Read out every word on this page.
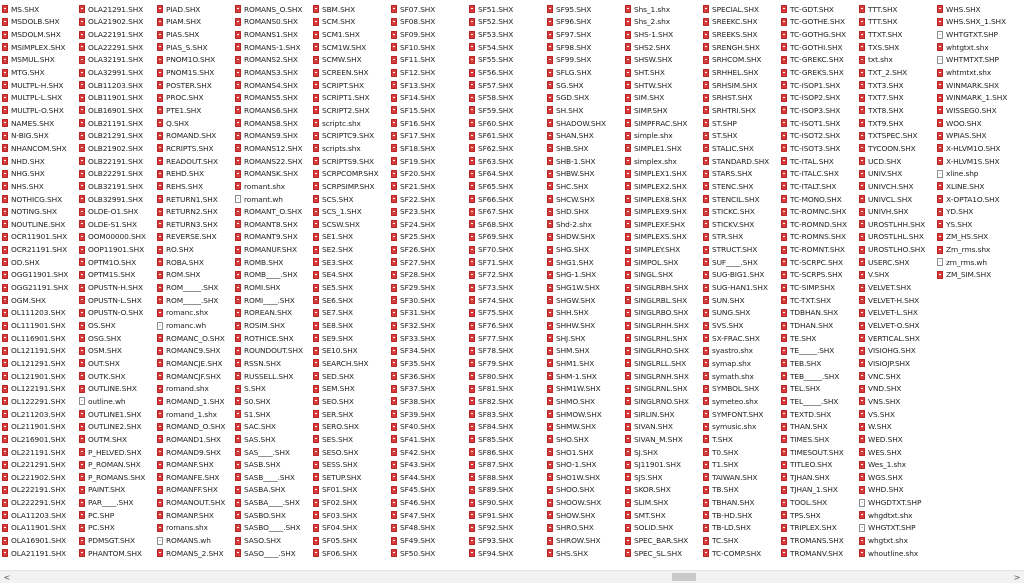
MS.SHX
MSDOLB.SHX
MSDOLM.SHX
MSIMPLEX.SHX
MSMUL.SHX
MTG.SHX
MULTPL-H.SHX
MULTPL-L.SHX
MULTPL-O.SHX
NAMES.SHX
N-BIG.SHX
NHANCOM.SHX
NHD.SHX
NHG.SHX
NHS.SHX
NOTHICG.SHX
NOTING.SHX
NOUTLINE.SHX
OCR11901.SHX
OCR21191.SHX
OD.SHX
OGG11901.SHX
OGG21191.SHX
OGM.SHX
OL111203.SHX
OL111901.SHX
OL116901.SHX
OL121191.SHX
OL121291.SHX
OL121901.SHX
OL122191.SHX
OL122291.SHX
OL211203.SHX
OL211901.SHX
OL216901.SHX
OL221191.SHX
OL221291.SHX
OL221902.SHX
OL222191.SHX
OL222291.SHX
OLA11203.SHX
OLA11901.SHX
OLA16901.SHX
OLA21191.SHX
OLA21291.SHX
OLA21902.SHX
OLA22191.SHX
OLA22291.SHX
OLA32191.SHX
OLA32991.SHX
OLB11203.SHX
OLB11901.SHX
OLB16901.SHX
OLB21191.SHX
OLB21291.SHX
OLB21902.SHX
OLB22191.SHX
OLB22291.SHX
OLB32191.SHX
OLB32991.SHX
OLDE-O1.SHX
OLDE-S1.SHX
OOM00000.SHX
OOP11901.SHX
OPTM1O.SHX
OPTM1S.SHX
OPUSTN-H.SHX
OPUSTN-L.SHX
OPUSTN-O.SHX
OS.SHX
OSG.SHX
OSM.SHX
OUT.SHX
OUTK.SHX
OUTLINE.SHX
outline.wh
OUTLINE1.SHX
OUTLINE2.SHX
OUTM.SHX
P_HELVED.SHX
P_ROMAN.SHX
P_ROMANS.SHX
PAINT.SHX
PAR____.SHX
PC.SHP
PC.SHX
PDMSGT.SHX
PHANTOM.SHX
PIAD.SHX
PIAM.SHX
PIAS.SHX
PIAS_S.SHX
PNOM1O.SHX
PNOM1S.SHX
POSTER.SHX
PROC.SHX
PTE1.SHX
Q.SHX
ROMAND.SHX
RCRIPTS.SHX
READOUT.SHX
REHD.SHX
REHS.SHX
RETURN1.SHX
RETURN2.SHX
RETURN3.SHX
REVERSE.SHX
RO.SHX
ROBA.SHX
ROM.SHX
ROM_____.SHX
ROM_____.SHX
romanc.shx
romanc.wh
ROMANC_O.SHX
ROMANC9.SHX
ROMANCJE.SHX
ROMANCJF.SHX
romand.shx
ROMAND_1.SHX
romand_1.shx
ROMAND_O.SHX
ROMAND1.SHX
ROMAND9.SHX
ROMANF.SHX
ROMANFE.SHX
ROMANFF.SHX
ROMANOUT.SHX
ROMANP.SHX
romans.shx
ROMANS.wh
ROMANS_2.SHX
ROMANS_O.SHX
ROMANS0.SHX
ROMANS1.SHX
ROMANS-1.SHX
ROMANS2.SHX
ROMANS3.SHX
ROMANS4.SHX
ROMANS5.SHX
ROMANS6.SHX
ROMANS8.SHX
ROMANS9.SHX
ROMANS12.SHX
ROMANS22.SHX
ROMANSK.SHX
romant.shx
romant.wh
ROMANT_O.SHX
ROMANT8.SHX
ROMANT9.SHX
ROMANUF.SHX
ROMB.SHX
ROMB____.SHX
ROMI.SHX
ROMI____.SHX
ROREAN.SHX
ROSIM.SHX
ROTHICE.SHX
ROUNDOUT.SHX
RSSN.SHX
RUSSELL.SHX
S.SHX
S0.SHX
S1.SHX
SAC.SHX
SAS.SHX
SAS____.SHX
SASB.SHX
SASB____.SHX
SASBA.SHX
SASBA____.SHX
SASBO.SHX
SASBO____.SHX
SASO.SHX
SASO____.SHX
SBM.SHX
SCM.SHX
SCM1.SHX
SCM1W.SHX
SCMW.SHX
SCREEN.SHX
SCRIPT.SHX
SCRIPT1.SHX
SCRIPT2.SHX
scriptc.shx
SCRIPTC9.SHX
scripts.shx
SCRIPTS9.SHX
SCRPCOMP.SHX
SCRPSIMP.SHX
SCS.SHX
SCS_1.SHX
SCSW.SHX
SE1.SHX
SE2.SHX
SE3.SHX
SE4.SHX
SE5.SHX
SE6.SHX
SE7.SHX
SE8.SHX
SE9.SHX
SE10.SHX
SEARCH.SHX
SED.SHX
SEM.SHX
SEO.SHX
SER.SHX
SERO.SHX
SES.SHX
SESO.SHX
SESS.SHX
SETUP.SHX
SF01.SHX
SF02.SHX
SF03.SHX
SF04.SHX
SF05.SHX
SF06.SHX
SF07.SHX
SF08.SHX
SF09.SHX
SF10.SHX
SF11.SHX
SF12.SHX
SF13.SHX
SF14.SHX
SF15.SHX
SF16.SHX
SF17.SHX
SF18.SHX
SF19.SHX
SF20.SHX
SF21.SHX
SF22.SHX
SF23.SHX
SF24.SHX
SF25.SHX
SF26.SHX
SF27.SHX
SF28.SHX
SF29.SHX
SF30.SHX
SF31.SHX
SF32.SHX
SF33.SHX
SF34.SHX
SF35.SHX
SF36.SHX
SF37.SHX
SF38.SHX
SF39.SHX
SF40.SHX
SF41.SHX
SF42.SHX
SF43.SHX
SF44.SHX
SF45.SHX
SF46.SHX
SF47.SHX
SF48.SHX
SF49.SHX
SF50.SHX
SF51.SHX
SF52.SHX
SF53.SHX
SF54.SHX
SF55.SHX
SF56.SHX
SF57.SHX
SF58.SHX
SF59.SHX
SF60.SHX
SF61.SHX
SF62.SHX
SF63.SHX
SF64.SHX
SF65.SHX
SF66.SHX
SF67.SHX
SF68.SHX
SF69.SHX
SF70.SHX
SF71.SHX
SF72.SHX
SF73.SHX
SF74.SHX
SF75.SHX
SF76.SHX
SF77.SHX
SF78.SHX
SF79.SHX
SF80.SHX
SF81.SHX
SF82.SHX
SF83.SHX
SF84.SHX
SF85.SHX
SF86.SHX
SF87.SHX
SF88.SHX
SF89.SHX
SF90.SHX
SF91.SHX
SF92.SHX
SF93.SHX
SF94.SHX
SF95.SHX
SF96.SHX
SF97.SHX
SF98.SHX
SF99.SHX
SFLG.SHX
SG.SHX
SGD.SHX
SH.SHX
SHADOW.SHX
SHAN.SHX
SHB.SHX
SHB-1.SHX
SHBW.SHX
SHC.SHX
SHCW.SHX
SHD.SHX
Shd-2.shx
SHDW.SHX
SHG.SHX
SHG1.SHX
SHG-1.SHX
SHG1W.SHX
SHGW.SHX
SHH.SHX
SHHW.SHX
SHJ.SHX
SHM.SHX
SHM1.SHX
SHM-1.SHX
SHM1W.SHX
SHMO.SHX
SHMOW.SHX
SHMW.SHX
SHO.SHX
SHO1.SHX
SHO-1.SHX
SHO1W.SHX
SHOO.SHX
SHOOW.SHX
SHOW.SHX
SHRO.SHX
SHROW.SHX
SHS.SHX
Shs_1.shx
Shs_2.shx
SHS-1.SHX
SHS2.SHX
SHSW.SHX
SHT.SHX
SHTW.SHX
SIM.SHX
SIMP.SHX
SIMPFRAC.SHX
simple.shx
SIMPLE1.SHX
simplex.shx
SIMPLEX1.SHX
SIMPLEX2.SHX
SIMPLEX8.SHX
SIMPLEX9.SHX
SIMPLEXF.SHX
SIMPLEXS.SHX
SIMPLEY.SHX
SIMPOL.SHX
SINGL.SHX
SINGLRBH.SHX
SINGLRBL.SHX
SINGLRBO.SHX
SINGLRHH.SHX
SINGLRHL.SHX
SINGLRHO.SHX
SINGLRLL.SHX
SINGLRNH.SHX
SINGLRNL.SHX
SINGLRNO.SHX
SIRLIN.SHX
SIVAN.SHX
SIVAN_M.SHX
SJ.SHX
SJ11901.SHX
SJS.SHX
SKOR.SHX
SLIM.SHX
SMT.SHX
SOLID.SHX
SPEC_BAR.SHX
SPEC_SL.SHX
SPECIAL.SHX
SREEKC.SHX
SREEKS.SHX
SRENGH.SHX
SRHCOM.SHX
SRHHEL.SHX
SRHSIM.SHX
SRHST.SHX
SRHTRI.SHX
ST.SHP
ST.SHX
STALIC.SHX
STANDARD.SHX
STARS.SHX
STENC.SHX
STENCIL.SHX
STICKC.SHX
STICKV.SHX
STR.SHX
STRUCT.SHX
SUF____.SHX
SUG-BIG1.SHX
SUG-HAN1.SHX
SUN.SHX
SUNG.SHX
SVS.SHX
SX-FRAC.SHX
syastro.shx
symap.shx
symath.shx
SYMBOL.SHX
symeteo.shx
SYMFONT.SHX
symusic.shx
T.SHX
T0.SHX
T1.SHX
TAIWAN.SHX
TB.SHX
TBHAN.SHX
TB-HD.SHX
TB-LD.SHX
TC.SHX
TC-COMP.SHX
TC-GDT.SHX
TC-GOTHE.SHX
TC-GOTHG.SHX
TC-GOTHI.SHX
TC-GREKC.SHX
TC-GREKS.SHX
TC-ISOP1.SHX
TC-ISOP2.SHX
TC-ISOP3.SHX
TC-ISOT1.SHX
TC-ISOT2.SHX
TC-ISOT3.SHX
TC-ITAL.SHX
TC-ITALC.SHX
TC-ITALT.SHX
TC-MONO.SHX
TC-ROMNC.SHX
TC-ROMND.SHX
TC-ROMNS.SHX
TC-ROMNT.SHX
TC-SCRPC.SHX
TC-SCRPS.SHX
TC-SIMP.SHX
TC-TXT.SHX
TDBHAN.SHX
TDHAN.SHX
TE.SHX
TE_____.SHX
TEB.SHX
TEB_____.SHX
TEL.SHX
TEL_____.SHX
TEXTD.SHX
THAN.SHX
TIMES.SHX
TIMESOUT.SHX
TITLEO.SHX
TJHAN.SHX
TJHAN_1.SHX
TOOL.SHX
TPS.SHX
TRIPLEX.SHX
TROMANS.SHX
TROMANV.SHX
TTT.SHX
TTT.SHX
TTXT.SHX
TXS.SHX
txt.shx
TXT_2.SHX
TXT3.SHX
TXT7.SHX
TXT8.SHX
TXT9.SHX
TXTSPEC.SHX
TYCOON.SHX
UCD.SHX
UNIV.SHX
UNIVCH.SHX
UNIVCL.SHX
UNIVH.SHX
UROSTLHH.SHX
UROSTLHL.SHX
UROSTLHO.SHX
USERC.SHX
V.SHX
VELVET.SHX
VELVET-H.SHX
VELVET-L.SHX
VELVET-O.SHX
VERTICAL.SHX
VISIOHG.SHX
VISIOJP.SHX
VNC.SHX
VND.SHX
VNS.SHX
VS.SHX
W.SHX
WED.SHX
WES.SHX
Wes_1.shx
WGS.SHX
WHD.SHX
WHGDTXT.SHP
whgdtxt.shx
WHGTXT.SHP
whgtxt.shx
whoutline.shx
WHS.SHX
WHS.SHX_1.SHX
WHTGTXT.SHP
whtgtxt.shx
WHTMTXT.SHP
whtmtxt.shx
WINMARK.SHX
WINMARK_1.SHX
WISSEG0.SHX
WOO.SHX
WPIAS.SHX
X-HLVM1O.SHX
X-HLVM1S.SHX
xline.shp
XLINE.SHX
X-OPTA1O.SHX
YD.SHX
YS.SHX
ZM_HS.SHX
Zm_rms.shx
zm_rms.wh
ZM_SIM.SHX
<	>
